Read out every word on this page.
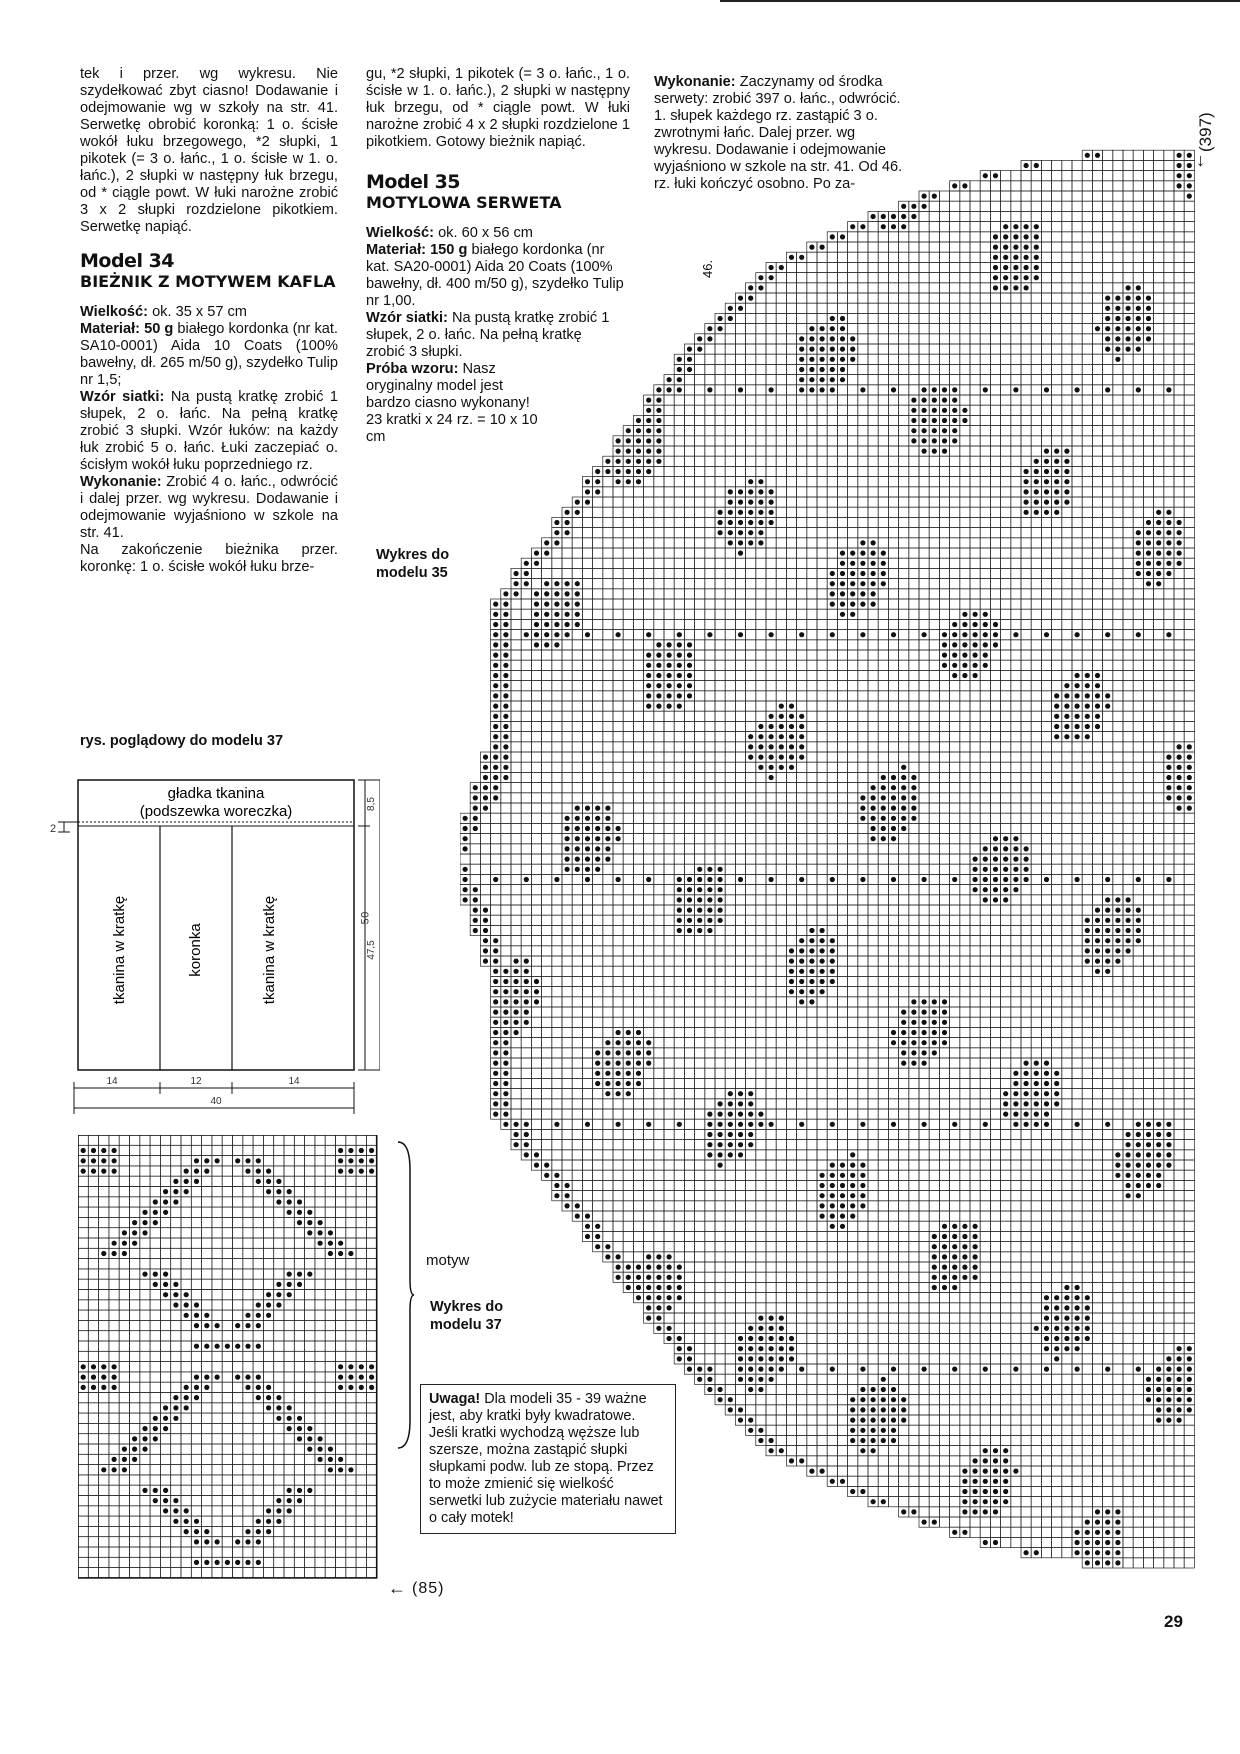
tek i przer. wg wykresu. Nie szydełkować zbyt ciasno! Dodawanie i odejmowanie wg w szkoły na str. 41. Serwetkę obrobić koronką: 1 o. ścisłe wokół łuku brzegowego, *2 słupki, 1 pikotek (= 3 o. łańc., 1 o. ścisłe w 1. o. łańc.), 2 słupki w następny łuk brzegu, od * ciągle powt. W łuki narożne zrobić 3 x 2 słupki rozdzielone pikotkiem. Serwetkę napiąć.

Model 34
BIEŻNIK Z MOTYWEM KAFLA

Wielkość: ok. 35 x 57 cm

Materiał: 50 g białego kordonka (nr kat. SA10-0001) Aida 10 Coats (100% bawełny, dł. 265 m/50 g), szydełko Tulip nr 1,5;

Wzór siatki: Na pustą kratkę zrobić 1 słupek, 2 o. łańc. Na pełną kratkę zrobić 3 słupki. Wzór łuków: na każdy łuk zrobić 5 o. łańc. Łuki zaczepiać o. ścisłym wokół łuku poprzedniego rz.

Wykonanie: Zrobić 4 o. łańc., odwrócić i dalej przer. wg wykresu. Dodawanie i odejmowanie wyjaśniono w szkole na str. 41.

Na zakończenie bieżnika przer. koronkę: 1 o. ścisłe wokół łuku brze-

gu, *2 słupki, 1 pikotek (= 3 o. łańc., 1 o. ścisłe w 1. o. łańc.), 2 słupki w następny łuk brzegu, od * ciągle powt. W łuki narożne zrobić 4 x 2 słupki rozdzielone 1 pikotkiem. Gotowy bieżnik napiąć.

Model 35
MOTYLOWA SERWETA

Wielkość: ok. 60 x 56 cm

Materiał: 150 g białego kordonka (nr kat. SA20-0001) Aida 20 Coats (100% bawełny, dł. 400 m/50 g), szydełko Tulip nr 1,00.

Wzór siatki: Na pustą kratkę zrobić 1 słupek, 2 o. łańc. Na pełną kratkę zrobić 3 słupki.

Próba wzoru: Nasz oryginalny model jest bardzo ciasno wykonany! 23 kratki x 24 rz. = 10 x 10 cm

Wykres do modelu 35

Wykonanie: Zaczynamy od środka serwety: zrobić 397 o. łańc., odwrócić. 1. słupek każdego rz. zastąpić 3 o. zwrotnymi łańc. Dalej przer. wg wykresu. Dodawanie i odejmowanie wyjaśniono w szkole na str. 41. Od 46. rz. łuki kończyć osobno. Po za-

46.
(397)
↓
rys. poglądowy do modelu 37
gładka tkanina
(podszewka woreczka)
tkanina w kratkę	koronka	tkanina w kratkę
2
8,5
47,5
14	12	14
40
50
motyw
Wykres do modelu 37
← (85)
Uwaga! Dla modeli 35 - 39 ważne jest, aby kratki były kwadratowe. Jeśli kratki wychodzą węższe lub szersze, można zastąpić słupki słupkami podw. lub ze stopą. Przez to może zmienić się wielkość serwetki lub zużycie materiału nawet o cały motek!
29
